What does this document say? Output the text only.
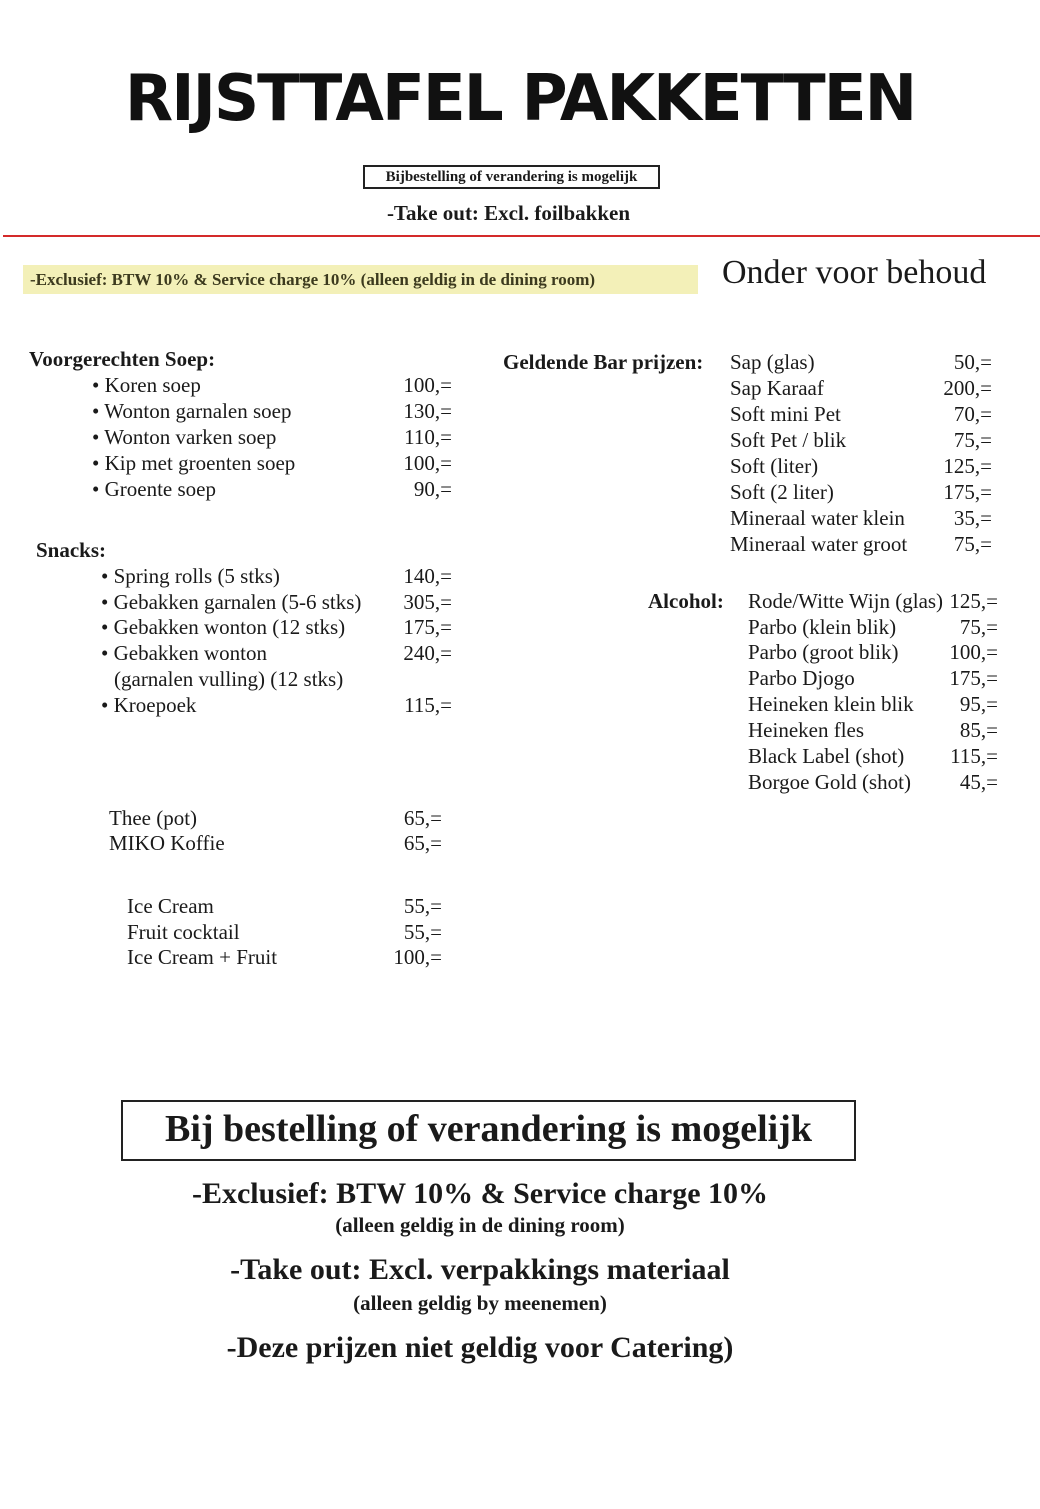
RIJSTTAFEL PAKKETTEN
Bijbestelling of verandering is mogelijk
-Take out: Excl. foilbakken
-Exclusief: BTW 10% & Service charge 10% (alleen geldig in de dining room)	Onder voor behoud
Voorgerechten Soep:
• Koren soep	100,=
• Wonton garnalen soep	130,=
• Wonton varken soep	110,=
• Kip met groenten soep	100,=
• Groente soep	90,=
Snacks:
• Spring rolls (5 stks)	140,=
• Gebakken garnalen (5-6 stks)	305,=
• Gebakken wonton (12 stks)	175,=
• Gebakken wonton	240,=
(garnalen vulling) (12 stks)
• Kroepoek	115,=
Thee (pot)	65,=
MIKO Koffie	65,=
Ice Cream	55,=
Fruit cocktail	55,=
Ice Cream + Fruit	100,=
Geldende Bar prijzen: Sap (glas)	50,=
Sap Karaaf	200,=
Soft mini Pet	70,=
Soft Pet / blik	75,=
Soft (liter)	125,=
Soft (2 liter)	175,=
Mineraal water klein	35,=
Mineraal water groot	75,=
Alcohol: Rode/Witte Wijn (glas) 125,=
Parbo (klein blik)	75,=
Parbo (groot blik)	100,=
Parbo Djogo	175,=
Heineken klein blik	95,=
Heineken fles	85,=
Black Label (shot)	115,=
Borgoe Gold (shot)	45,=
Bij bestelling of verandering is mogelijk
-Exclusief: BTW 10% & Service charge 10%
(alleen geldig in de dining room)
-Take out: Excl. verpakkings materiaal
(alleen geldig by meenemen)
-Deze prijzen niet geldig voor Catering)
